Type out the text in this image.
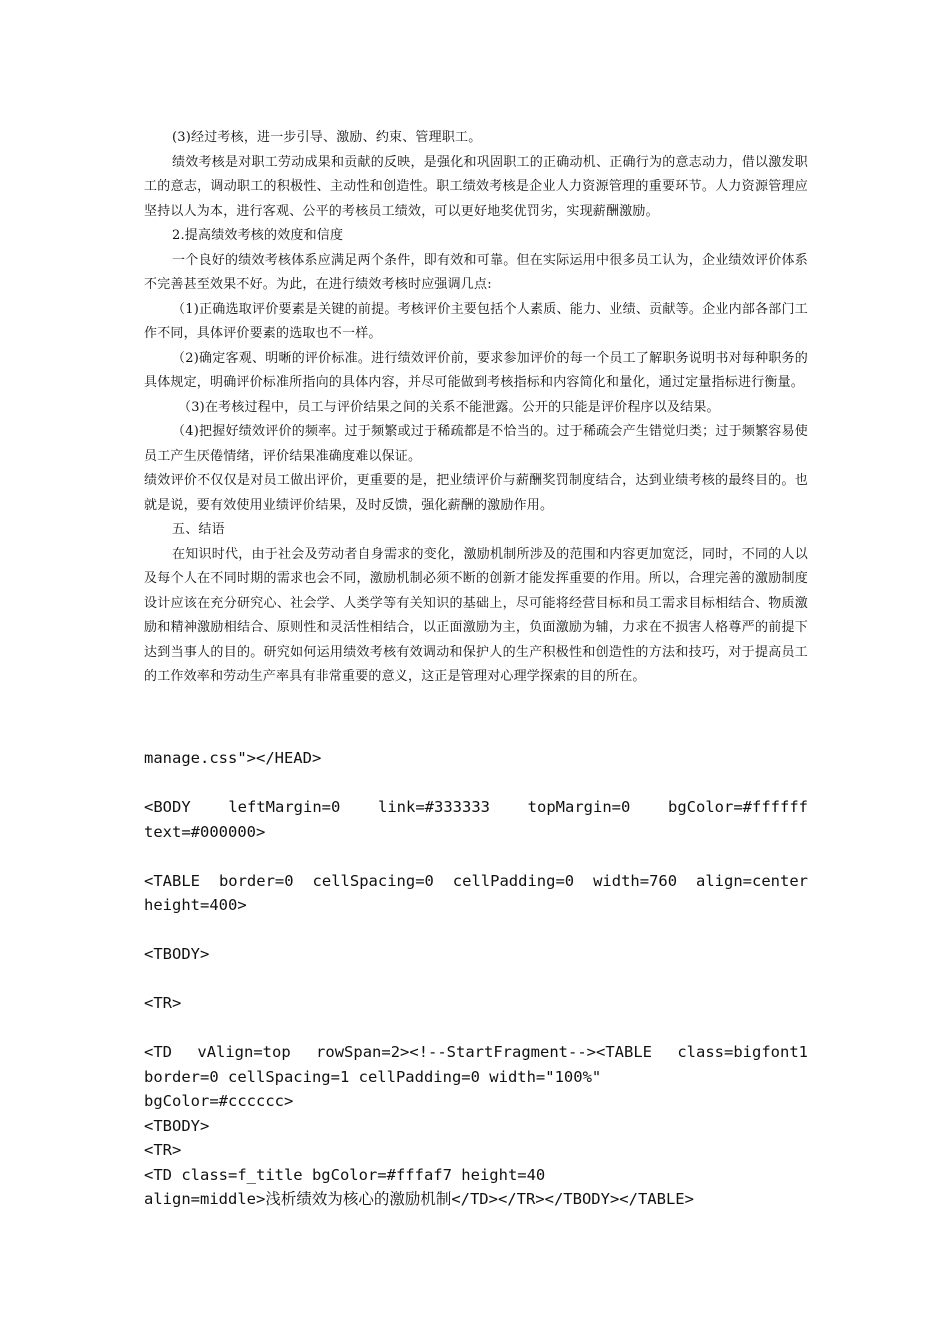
(3)经过考核，进一步引导、激励、约束、管理职工。

绩效考核是对职工劳动成果和贡献的反映，是强化和巩固职工的正确动机、正确行为的意志动力，借以激发职工的意志，调动职工的积极性、主动性和创造性。职工绩效考核是企业人力资源管理的重要环节。人力资源管理应坚持以人为本，进行客观、公平的考核员工绩效，可以更好地奖优罚劣，实现薪酬激励。

2.提高绩效考核的效度和信度

一个良好的绩效考核体系应满足两个条件，即有效和可靠。但在实际运用中很多员工认为，企业绩效评价体系不完善甚至效果不好。为此，在进行绩效考核时应强调几点:

（1)正确选取评价要素是关键的前提。考核评价主要包括个人素质、能力、业绩、贡献等。企业内部各部门工作不同，具体评价要素的选取也不一样。

（2)确定客观、明晰的评价标准。进行绩效评价前，要求参加评价的每一个员工了解职务说明书对每种职务的具体规定，明确评价标准所指向的具体内容，并尽可能做到考核指标和内容简化和量化，通过定量指标进行衡量。

（3)在考核过程中，员工与评价结果之间的关系不能泄露。公开的只能是评价程序以及结果。

（4)把握好绩效评价的频率。过于频繁或过于稀疏都是不恰当的。过于稀疏会产生错觉归类；过于频繁容易使员工产生厌倦情绪，评价结果准确度难以保证。

绩效评价不仅仅是对员工做出评价，更重要的是，把业绩评价与薪酬奖罚制度结合，达到业绩考核的最终目的。也就是说，要有效使用业绩评价结果，及时反馈，强化薪酬的激励作用。

五、结语

在知识时代，由于社会及劳动者自身需求的变化，激励机制所涉及的范围和内容更加宽泛，同时，不同的人以及每个人在不同时期的需求也会不同，激励机制必须不断的创新才能发挥重要的作用。所以，合理完善的激励制度设计应该在充分研究心、社会学、人类学等有关知识的基础上，尽可能将经营目标和员工需求目标相结合、物质激励和精神激励相结合、原则性和灵活性相结合，以正面激励为主，负面激励为辅，力求在不损害人格尊严的前提下达到当事人的目的。研究如何运用绩效考核有效调动和保护人的生产积极性和创造性的方法和技巧，对于提高员工的工作效率和劳动生产率具有非常重要的意义，这正是管理对心理学探索的目的所在。

manage.css"></HEAD>

<BODY leftMargin=0 link=#333333 topMargin=0 bgColor=#ffffff text=#000000>

<TABLE border=0 cellSpacing=0 cellPadding=0 width=760 align=center height=400>

<TBODY>

<TR>

<TD vAlign=top rowSpan=2><!--StartFragment--><TABLE class=bigfont1 border=0 cellSpacing=1 cellPadding=0 width="100%"

bgColor=#cccccc>

<TBODY>

<TR>

<TD class=f_title bgColor=#fffaf7 height=40

align=middle>浅析绩效为核心的激励机制</TD></TR></TBODY></TABLE>
